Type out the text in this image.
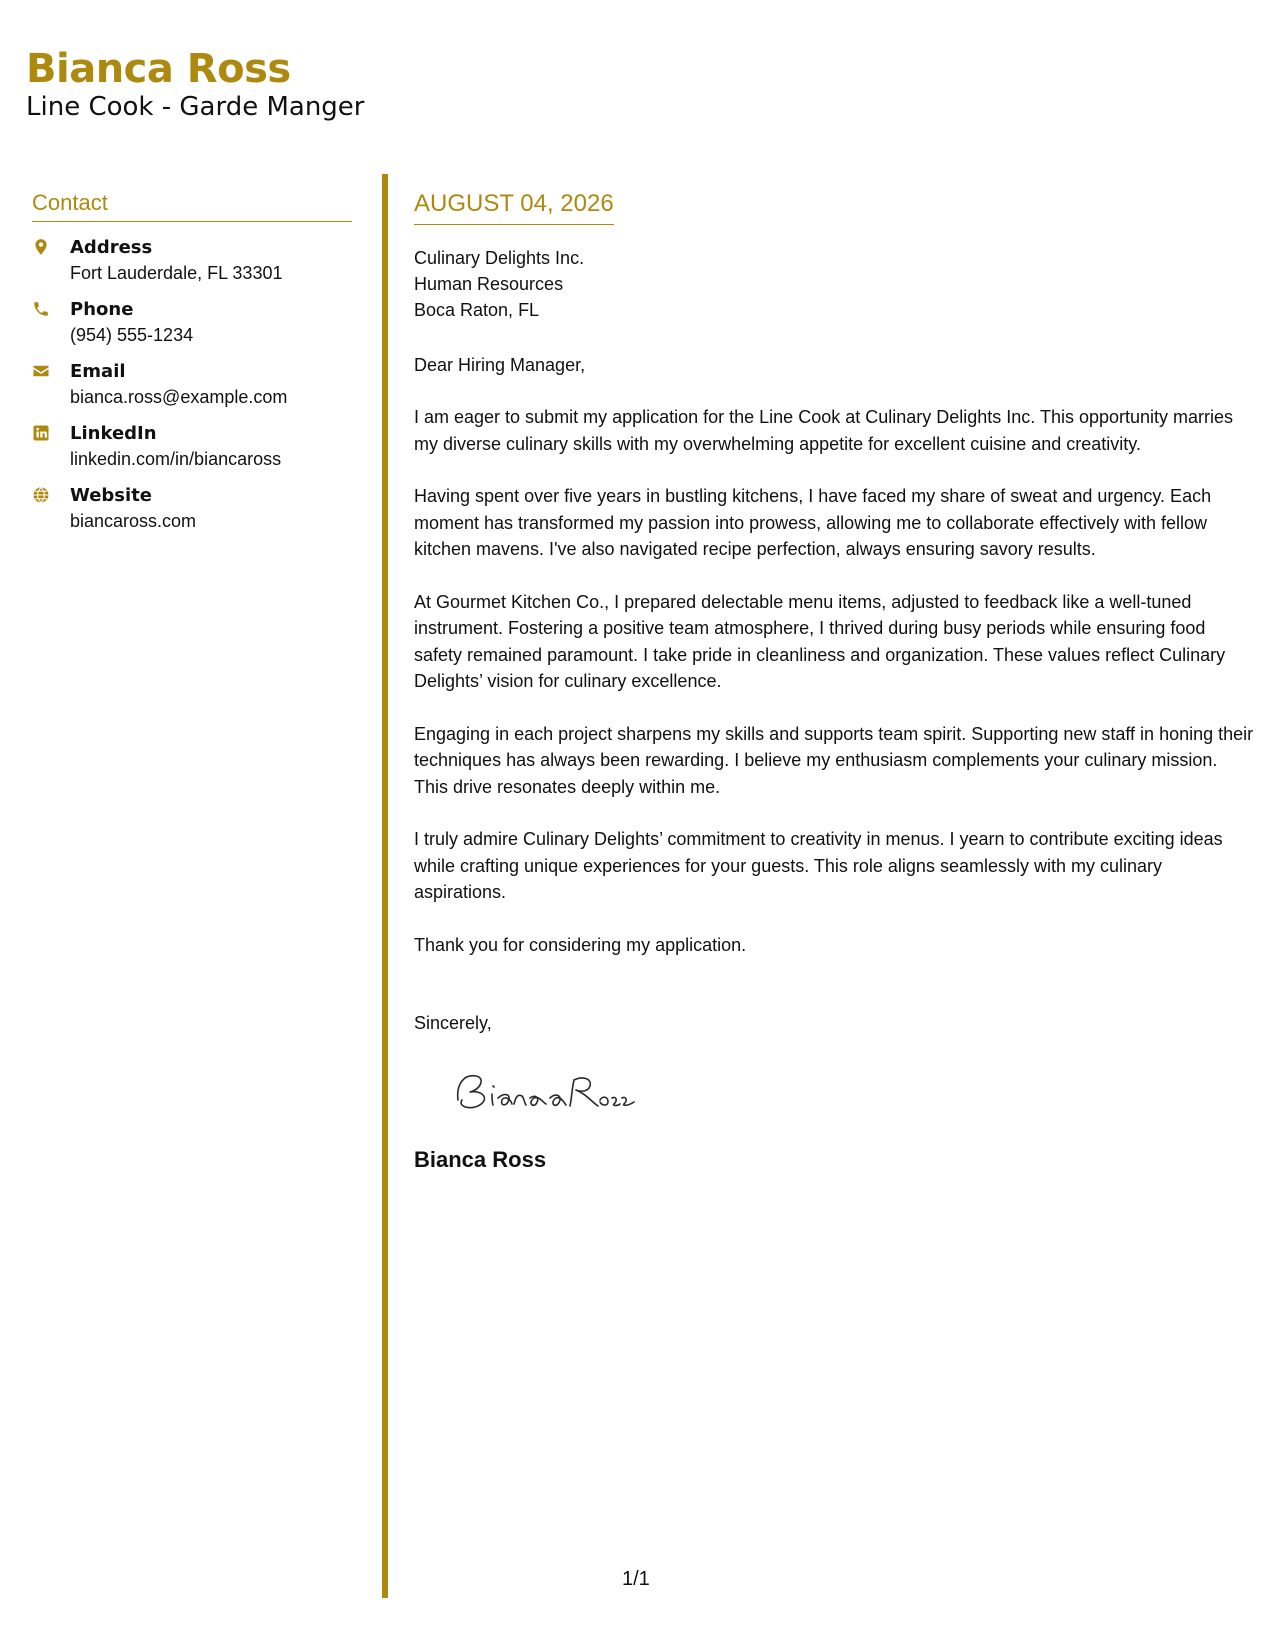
Bianca Ross
Line Cook - Garde Manger
Contact
Address
Fort Lauderdale, FL 33301
Phone
(954) 555-1234
Email
bianca.ross@example.com
LinkedIn
linkedin.com/in/biancaross
Website
biancaross.com
AUGUST 04, 2026
Culinary Delights Inc.
Human Resources
Boca Raton, FL
Dear Hiring Manager,
I am eager to submit my application for the Line Cook at Culinary Delights Inc. This opportunity marries my diverse culinary skills with my overwhelming appetite for excellent cuisine and creativity.
Having spent over five years in bustling kitchens, I have faced my share of sweat and urgency. Each moment has transformed my passion into prowess, allowing me to collaborate effectively with fellow kitchen mavens. I've also navigated recipe perfection, always ensuring savory results.
At Gourmet Kitchen Co., I prepared delectable menu items, adjusted to feedback like a well-tuned instrument. Fostering a positive team atmosphere, I thrived during busy periods while ensuring food safety remained paramount. I take pride in cleanliness and organization. These values reflect Culinary Delights’ vision for culinary excellence.
Engaging in each project sharpens my skills and supports team spirit. Supporting new staff in honing their techniques has always been rewarding. I believe my enthusiasm complements your culinary mission. This drive resonates deeply within me.
I truly admire Culinary Delights’ commitment to creativity in menus. I yearn to contribute exciting ideas while crafting unique experiences for your guests. This role aligns seamlessly with my culinary aspirations.
Thank you for considering my application.
Sincerely,
Bianca Ross
1/1
